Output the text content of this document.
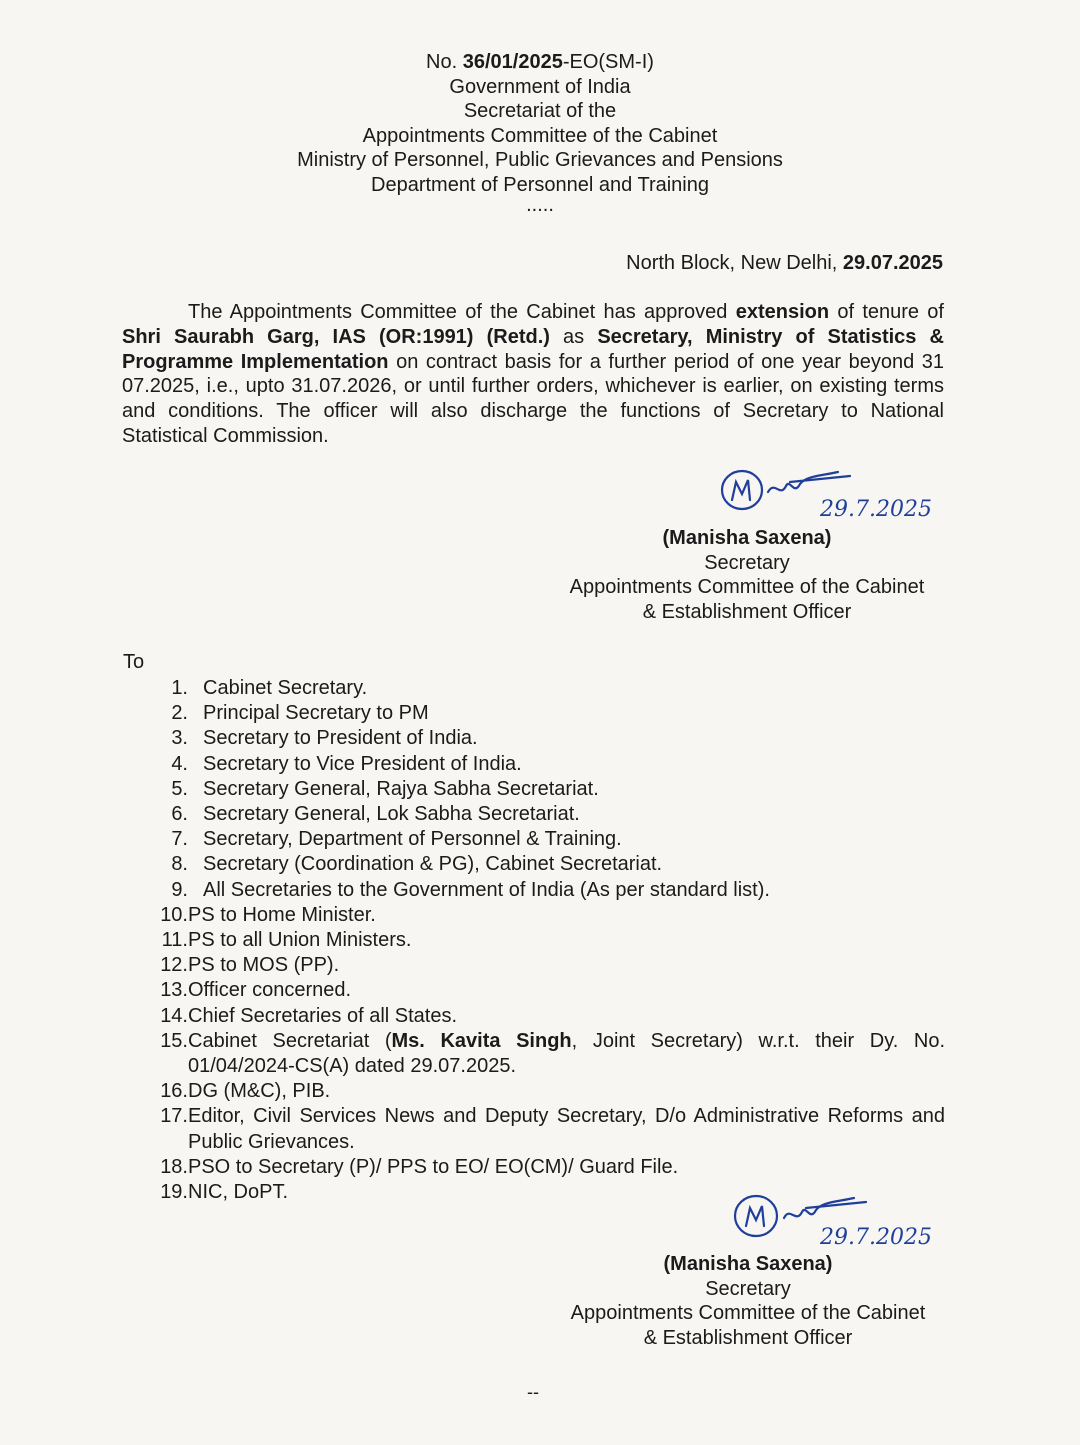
No. 36/01/2025-EO(SM-I)
Government of India
Secretariat of the
Appointments Committee of the Cabinet
Ministry of Personnel, Public Grievances and Pensions
Department of Personnel and Training
.....
North Block, New Delhi, 29.07.2025
The Appointments Committee of the Cabinet has approved extension of tenure of Shri Saurabh Garg, IAS (OR:1991) (Retd.) as Secretary, Ministry of Statistics & Programme Implementation on contract basis for a further period of one year beyond 31 07.2025, i.e., upto 31.07.2026, or until further orders, whichever is earlier, on existing terms and conditions. The officer will also discharge the functions of Secretary to National Statistical Commission.
29.7.2025
(Manisha Saxena)
Secretary
Appointments Committee of the Cabinet
& Establishment Officer
To
1. Cabinet Secretary.
2. Principal Secretary to PM
3. Secretary to President of India.
4. Secretary to Vice President of India.
5. Secretary General, Rajya Sabha Secretariat.
6. Secretary General, Lok Sabha Secretariat.
7. Secretary, Department of Personnel & Training.
8. Secretary (Coordination & PG), Cabinet Secretariat.
9. All Secretaries to the Government of India (As per standard list).
10. PS to Home Minister.
11. PS to all Union Ministers.
12. PS to MOS (PP).
13. Officer concerned.
14. Chief Secretaries of all States.
15. Cabinet Secretariat (Ms. Kavita Singh, Joint Secretary) w.r.t. their Dy. No. 01/04/2024-CS(A) dated 29.07.2025.
16. DG (M&C), PIB.
17. Editor, Civil Services News and Deputy Secretary, D/o Administrative Reforms and Public Grievances.
18. PSO to Secretary (P)/ PPS to EO/ EO(CM)/ Guard File.
19. NIC, DoPT.
29.7.2025
(Manisha Saxena)
Secretary
Appointments Committee of the Cabinet
& Establishment Officer
--
